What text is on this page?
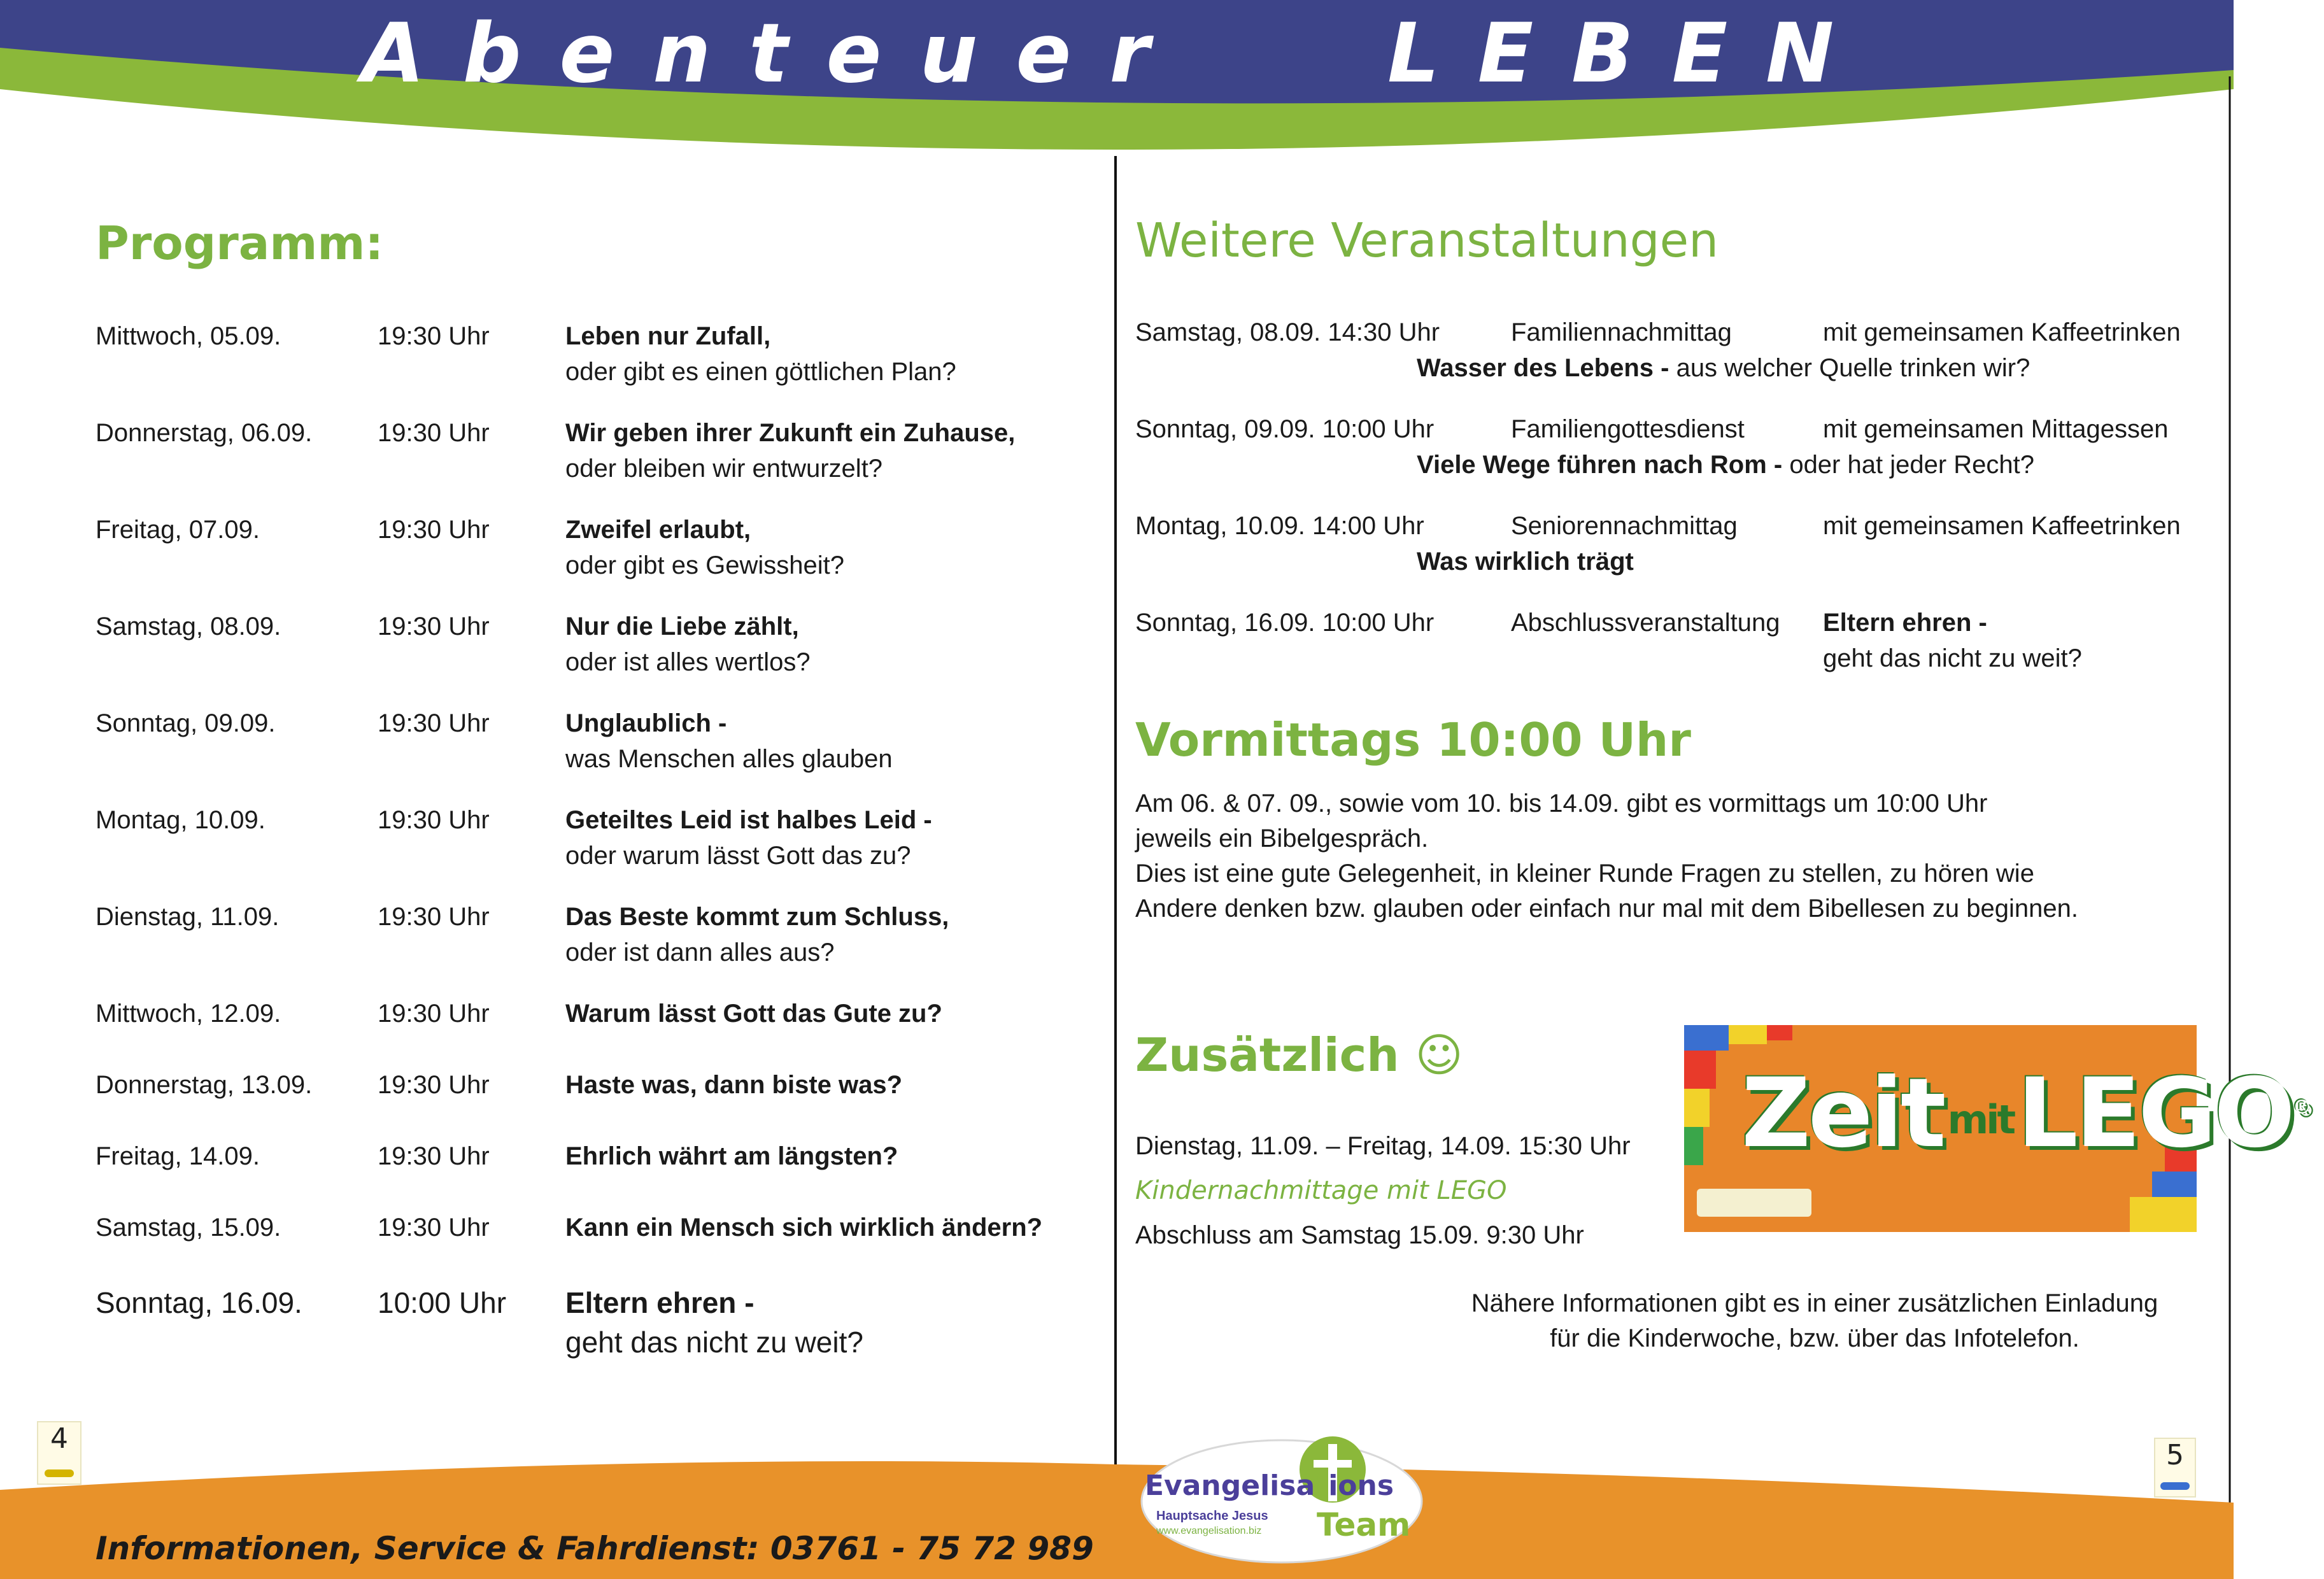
Abenteuer   LEBEN
Programm:
Mittwoch, 05.09.	19:30 Uhr	Leben nur Zufall,
oder gibt es einen göttlichen Plan?
Donnerstag, 06.09.	19:30 Uhr	Wir geben ihrer Zukunft ein Zuhause,
oder bleiben wir entwurzelt?
Freitag, 07.09.	19:30 Uhr	Zweifel erlaubt,
oder gibt es Gewissheit?
Samstag, 08.09.	19:30 Uhr	Nur die Liebe zählt,
oder ist alles wertlos?
Sonntag, 09.09.	19:30 Uhr	Unglaublich -
was Menschen alles glauben
Montag, 10.09.	19:30 Uhr	Geteiltes Leid ist halbes Leid -
oder warum lässt Gott das zu?
Dienstag, 11.09.	19:30 Uhr	Das Beste kommt zum Schluss,
oder ist dann alles aus?
Mittwoch, 12.09.	19:30 Uhr	Warum lässt Gott das Gute zu?
Donnerstag, 13.09.	19:30 Uhr	Haste was, dann biste was?
Freitag, 14.09.	19:30 Uhr	Ehrlich währt am längsten?
Samstag, 15.09.	19:30 Uhr	Kann ein Mensch sich wirklich ändern?
Sonntag, 16.09.	10:00 Uhr	Eltern ehren -
geht das nicht zu weit?
4
Informationen, Service & Fahrdienst: 03761 - 75 72 989
Weitere Veranstaltungen
Samstag, 08.09. 14:30 Uhr	Familiennachmittag	mit gemeinsamen Kaffeetrinken
Wasser des Lebens - aus welcher Quelle trinken wir?
Sonntag, 09.09. 10:00 Uhr	Familiengottesdienst	mit gemeinsamen Mittagessen
Viele Wege führen nach Rom - oder hat jeder Recht?
Montag, 10.09. 14:00 Uhr	Seniorennachmittag	mit gemeinsamen Kaffeetrinken
Was wirklich trägt
Sonntag, 16.09. 10:00 Uhr	Abschlussveranstaltung	Eltern ehren -
geht das nicht zu weit?
Vormittags 10:00 Uhr
Am 06. & 07. 09., sowie vom 10. bis 14.09. gibt es vormittags um 10:00 Uhr
jeweils ein Bibelgespräch.
Dies ist eine gute Gelegenheit, in kleiner Runde Fragen zu stellen, zu hören wie
Andere denken bzw. glauben oder einfach nur mal mit dem Bibellesen zu beginnen.
Zusätzlich ☺
Dienstag, 11.09. – Freitag, 14.09. 15:30 Uhr
Kindernachmittage mit LEGO
Abschluss am Samstag 15.09. 9:30 Uhr
ZeitmitLEGO®
Nähere Informationen gibt es in einer zusätzlichen Einladung
für die Kinderwoche, bzw. über das Infotelefon.
5
Evangelisations
Hauptsache Jesus
www.evangelisation.biz Team
